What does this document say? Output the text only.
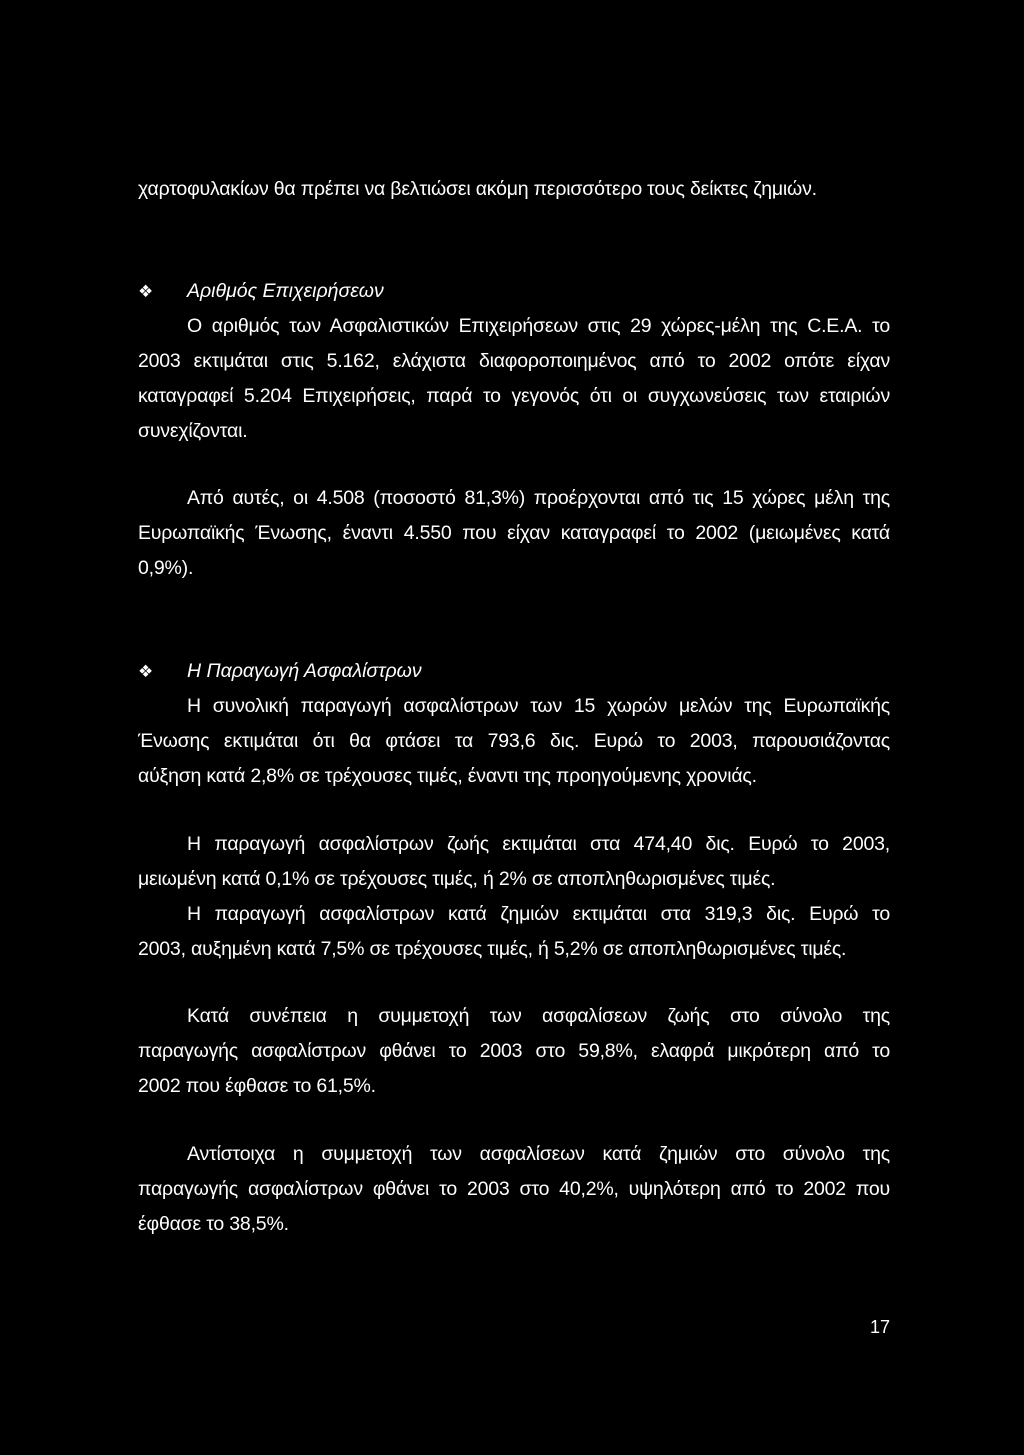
χαρτοφυλακίων θα πρέπει να βελτιώσει ακόμη περισσότερο τους δείκτες ζημιών.
❖ Αριθμός Επιχειρήσεων
Ο αριθμός των Ασφαλιστικών Επιχειρήσεων στις 29 χώρες-μέλη της C.E.A. το
2003 εκτιμάται στις 5.162, ελάχιστα διαφοροποιημένος από το 2002 οπότε είχαν
καταγραφεί 5.204 Επιχειρήσεις, παρά το γεγονός ότι οι συγχωνεύσεις των εταιριών
συνεχίζονται.
Από αυτές, οι 4.508 (ποσοστό 81,3%) προέρχονται από τις 15 χώρες μέλη της
Ευρωπαϊκής Ένωσης, έναντι 4.550 που είχαν καταγραφεί το 2002 (μειωμένες κατά
0,9%).
❖ Η Παραγωγή Ασφαλίστρων
Η συνολική παραγωγή ασφαλίστρων των 15 χωρών μελών της Ευρωπαϊκής
Ένωσης εκτιμάται ότι θα φτάσει τα 793,6 δις. Ευρώ το 2003, παρουσιάζοντας
αύξηση κατά 2,8% σε τρέχουσες τιμές, έναντι της προηγούμενης χρονιάς.
Η παραγωγή ασφαλίστρων ζωής εκτιμάται στα 474,40 δις. Ευρώ το 2003,
μειωμένη κατά 0,1% σε τρέχουσες τιμές, ή 2% σε αποπληθωρισμένες τιμές.
Η παραγωγή ασφαλίστρων κατά ζημιών εκτιμάται στα 319,3 δις. Ευρώ το
2003, αυξημένη κατά 7,5% σε τρέχουσες τιμές, ή 5,2% σε αποπληθωρισμένες τιμές.
Κατά συνέπεια η συμμετοχή των ασφαλίσεων ζωής στο σύνολο της
παραγωγής ασφαλίστρων φθάνει το 2003 στο 59,8%, ελαφρά μικρότερη από το
2002 που έφθασε το 61,5%.
Αντίστοιχα η συμμετοχή των ασφαλίσεων κατά ζημιών στο σύνολο της
παραγωγής ασφαλίστρων φθάνει το 2003 στο 40,2%, υψηλότερη από το 2002 που
έφθασε το 38,5%.
17
